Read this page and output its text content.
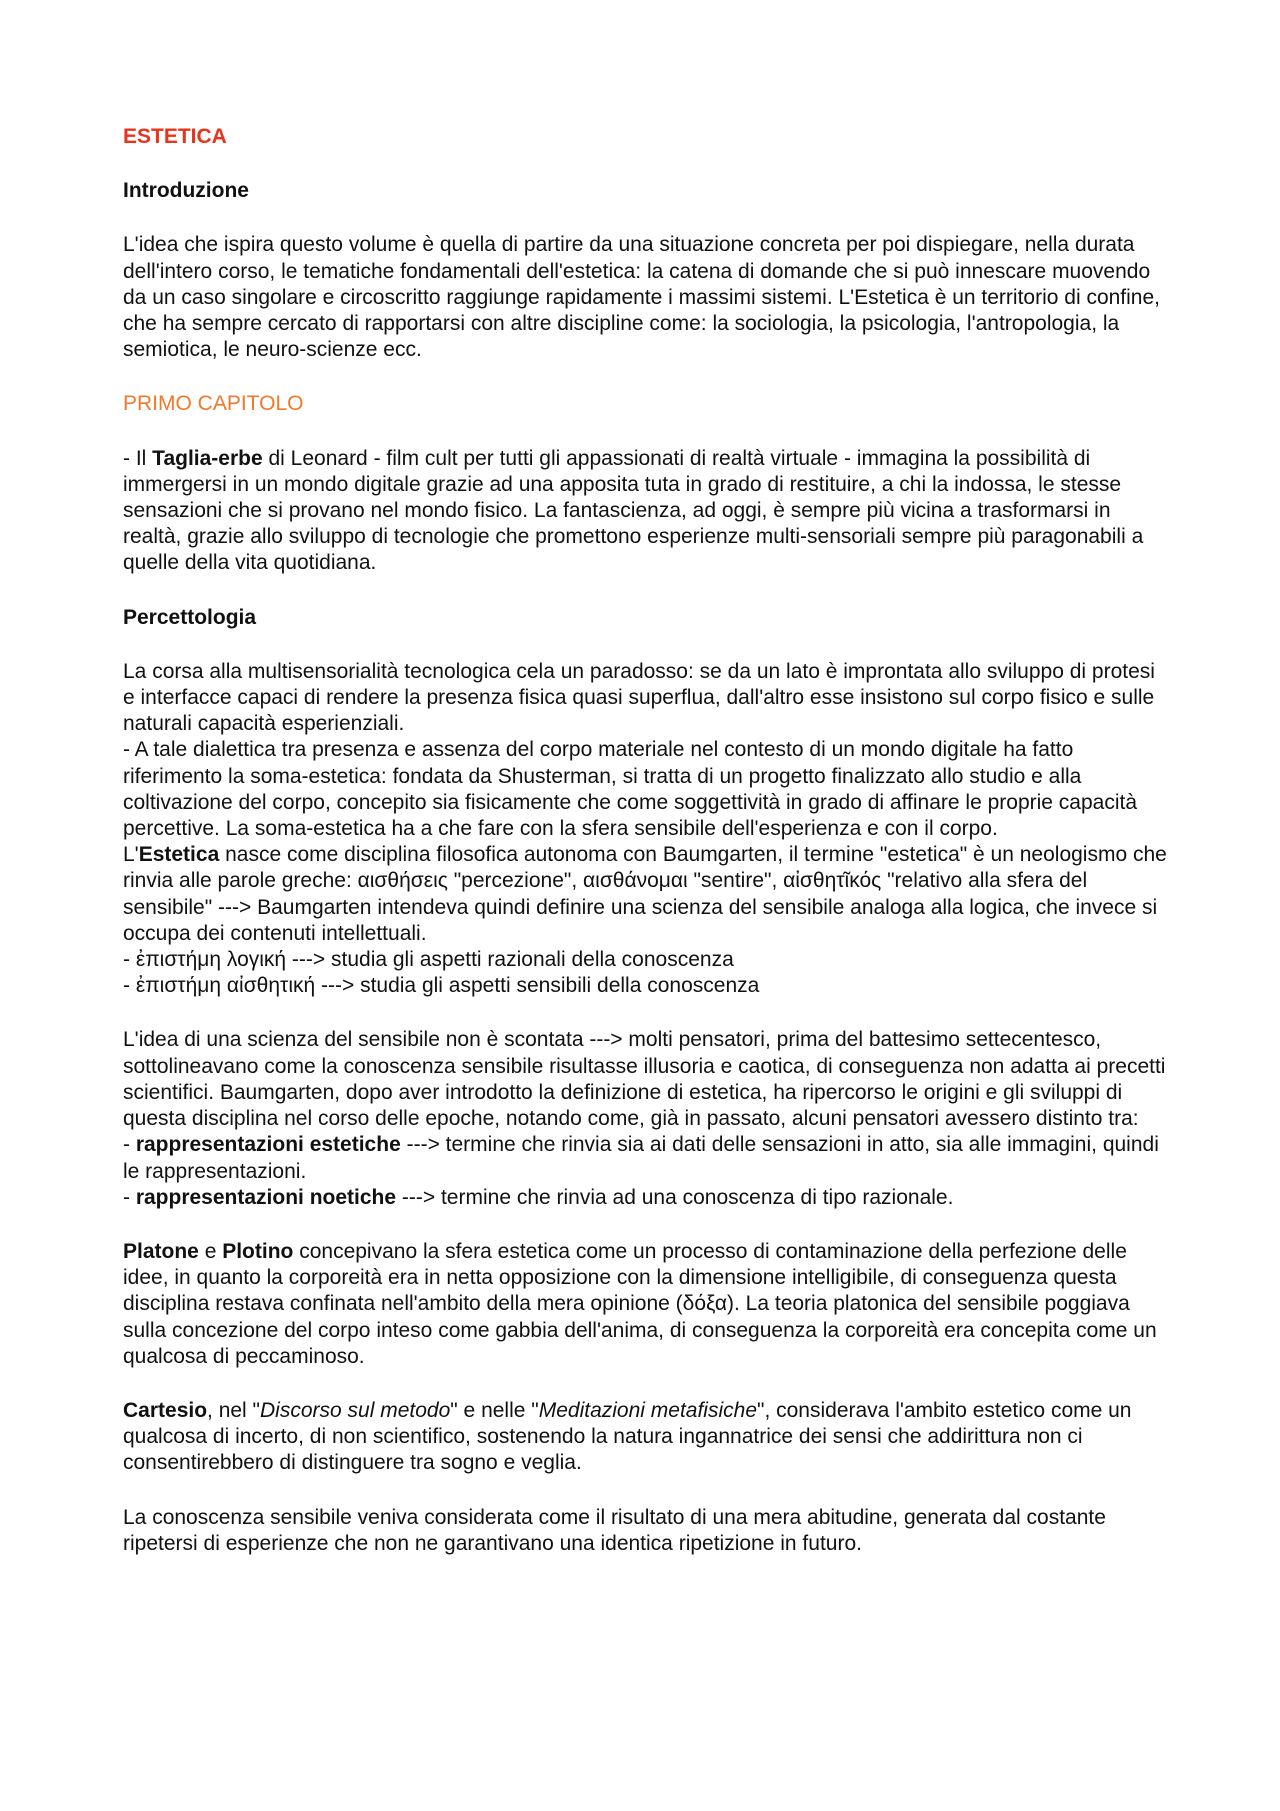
ESTETICA
Introduzione

L'idea che ispira questo volume è quella di partire da una situazione concreta per poi dispiegare, nella durata dell'intero corso, le tematiche fondamentali dell'estetica: la catena di domande che si può innescare muovendo da un caso singolare e circoscritto raggiunge rapidamente i massimi sistemi. L'Estetica è un territorio di confine, che ha sempre cercato di rapportarsi con altre discipline come: la sociologia, la psicologia, l'antropologia, la semiotica, le neuro-scienze ecc.

PRIMO CAPITOLO

- Il Taglia-erbe di Leonard - film cult per tutti gli appassionati di realtà virtuale - immagina la possibilità di immergersi in un mondo digitale grazie ad una apposita tuta in grado di restituire, a chi la indossa, le stesse sensazioni che si provano nel mondo fisico. La fantascienza, ad oggi, è sempre più vicina a trasformarsi in realtà, grazie allo sviluppo di tecnologie che promettono esperienze multi-sensoriali sempre più paragonabili a quelle della vita quotidiana.

Percettologia

La corsa alla multisensorialità tecnologica cela un paradosso: se da un lato è improntata allo sviluppo di protesi e interfacce capaci di rendere la presenza fisica quasi superflua, dall'altro esse insistono sul corpo fisico e sulle naturali capacità esperienziali.
- A tale dialettica tra presenza e assenza del corpo materiale nel contesto di un mondo digitale ha fatto riferimento la soma-estetica: fondata da Shusterman, si tratta di un progetto finalizzato allo studio e alla coltivazione del corpo, concepito sia fisicamente che come soggettività in grado di affinare le proprie capacità percettive. La soma-estetica ha a che fare con la sfera sensibile dell'esperienza e con il corpo.
L'Estetica nasce come disciplina filosofica autonoma con Baumgarten, il termine "estetica" è un neologismo che rinvia alle parole greche: αισθήσεις "percezione", αισθάνομαι "sentire", αἰσθητῖκός "relativo alla sfera del sensibile" ---> Baumgarten intendeva quindi definire una scienza del sensibile analoga alla logica, che invece si occupa dei contenuti intellettuali.
- ἐπιστήμη λογική ---> studia gli aspetti razionali della conoscenza
- ἐπιστήμη αἰσθητική ---> studia gli aspetti sensibili della conoscenza

L'idea di una scienza del sensibile non è scontata ---> molti pensatori, prima del battesimo settecentesco, sottolineavano come la conoscenza sensibile risultasse illusoria e caotica, di conseguenza non adatta ai precetti scientifici. Baumgarten, dopo aver introdotto la definizione di estetica, ha ripercorso le origini e gli sviluppi di questa disciplina nel corso delle epoche, notando come, già in passato, alcuni pensatori avessero distinto tra:
- rappresentazioni estetiche ---> termine che rinvia sia ai dati delle sensazioni in atto, sia alle immagini, quindi le rappresentazioni.
- rappresentazioni noetiche ---> termine che rinvia ad una conoscenza di tipo razionale.

Platone e Plotino concepivano la sfera estetica come un processo di contaminazione della perfezione delle idee, in quanto la corporeità era in netta opposizione con la dimensione intelligibile, di conseguenza questa disciplina restava confinata nell'ambito della mera opinione (δόξα). La teoria platonica del sensibile poggiava sulla concezione del corpo inteso come gabbia dell'anima, di conseguenza la corporeità era concepita come un qualcosa di peccaminoso.

Cartesio, nel "Discorso sul metodo" e nelle "Meditazioni metafisiche", considerava l'ambito estetico come un qualcosa di incerto, di non scientifico, sostenendo la natura ingannatrice dei sensi che addirittura non ci consentirebbero di distinguere tra sogno e veglia.

La conoscenza sensibile veniva considerata come il risultato di una mera abitudine, generata dal costante ripetersi di esperienze che non ne garantivano una identica ripetizione in futuro.
